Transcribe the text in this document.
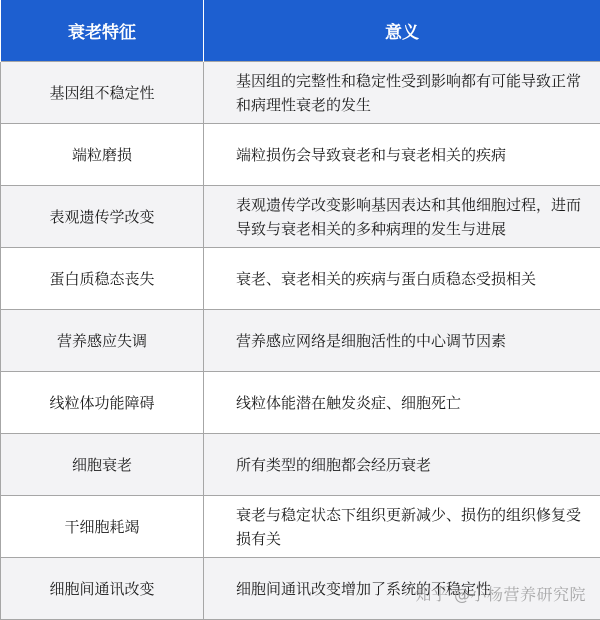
衰老特征	意义
基因组不稳定性	基因组的完整性和稳定性受到影响都有可能导致正常和病理性衰老的发生
端粒磨损	端粒损伤会导致衰老和与衰老相关的疾病
表观遗传学改变	表观遗传学改变影响基因表达和其他细胞过程，进而导致与衰老相关的多种病理的发生与进展
蛋白质稳态丧失	衰老、衰老相关的疾病与蛋白质稳态受损相关
营养感应失调	营养感应网络是细胞活性的中心调节因素
线粒体功能障碍	线粒体能潜在触发炎症、细胞死亡
细胞衰老	所有类型的细胞都会经历衰老
干细胞耗竭	衰老与稳定状态下组织更新减少、损伤的组织修复受损有关
细胞间通讯改变	细胞间通讯改变增加了系统的不稳定性
知乎 @小杨营养研究院
